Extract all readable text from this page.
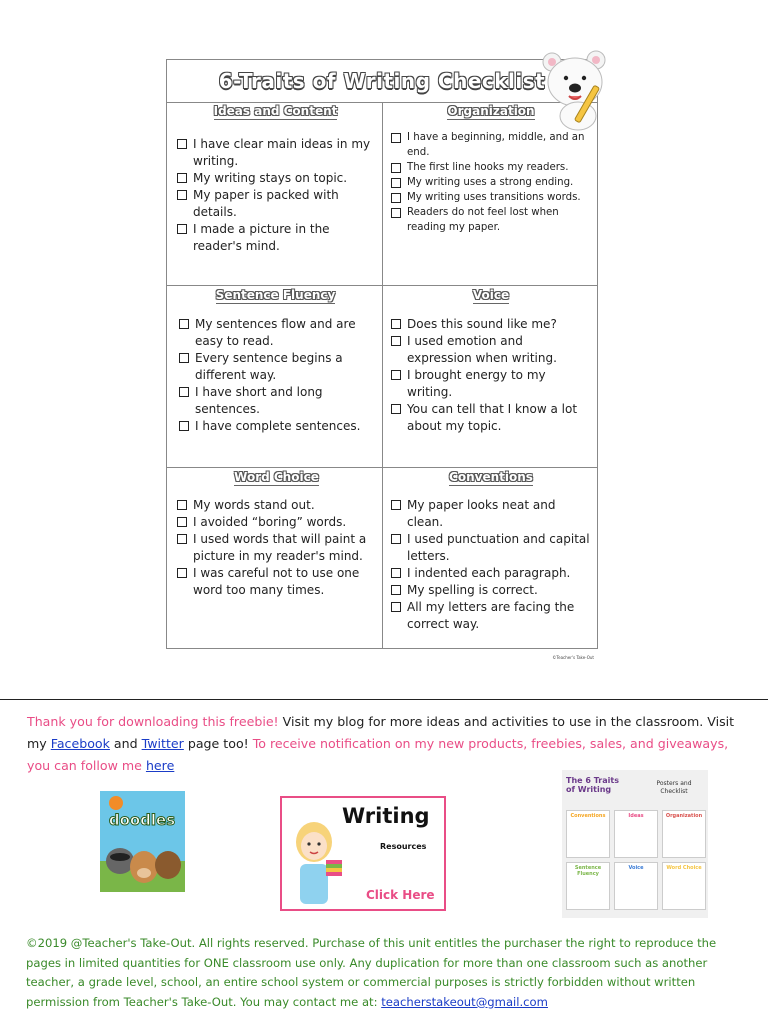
6-Traits of Writing Checklist
Ideas and Content
I have clear main ideas in my writing.
My writing stays on topic.
My paper is packed with details.
I made a picture in the reader's mind.
Organization
I have a beginning, middle, and an end.
The first line hooks my readers.
My writing uses a strong ending.
My writing uses transitions words.
Readers do not feel lost when reading my paper.
Sentence Fluency
My sentences flow and are easy to read.
Every sentence begins a different way.
I have short and long sentences.
I have complete sentences.
Voice
Does this sound like me?
I used emotion and expression when writing.
I brought energy to my writing.
You can tell that I know a lot about my topic.
Word Choice
My words stand out.
I avoided “boring” words.
I used words that will paint a picture in my reader's mind.
I was careful not to use one word too many times.
Conventions
My paper looks neat and clean.
I used punctuation and capital letters.
I indented each paragraph.
My spelling is correct.
All my letters are facing the correct way.
©Teacher's Take-Out
Thank you for downloading this freebie! Visit my blog for more ideas and activities to use in the classroom. Visit my Facebook and Twitter page too! To receive notification on my new products, freebies, sales, and giveaways, you can follow me here
doodles	Writing
Resources
Click Here
The 6 Traits of Writing
Posters and Checklist
Conventions	Ideas	Organization
Sentence Fluency
Voice	Word Choice
©2019 @Teacher's Take-Out. All rights reserved. Purchase of this unit entitles the purchaser the right to reproduce the pages in limited quantities for ONE classroom use only. Any duplication for more than one classroom such as another teacher, a grade level, school, an entire school system or commercial purposes is strictly forbidden without written permission from Teacher's Take-Out. You may contact me at: teacherstakeout@gmail.com
